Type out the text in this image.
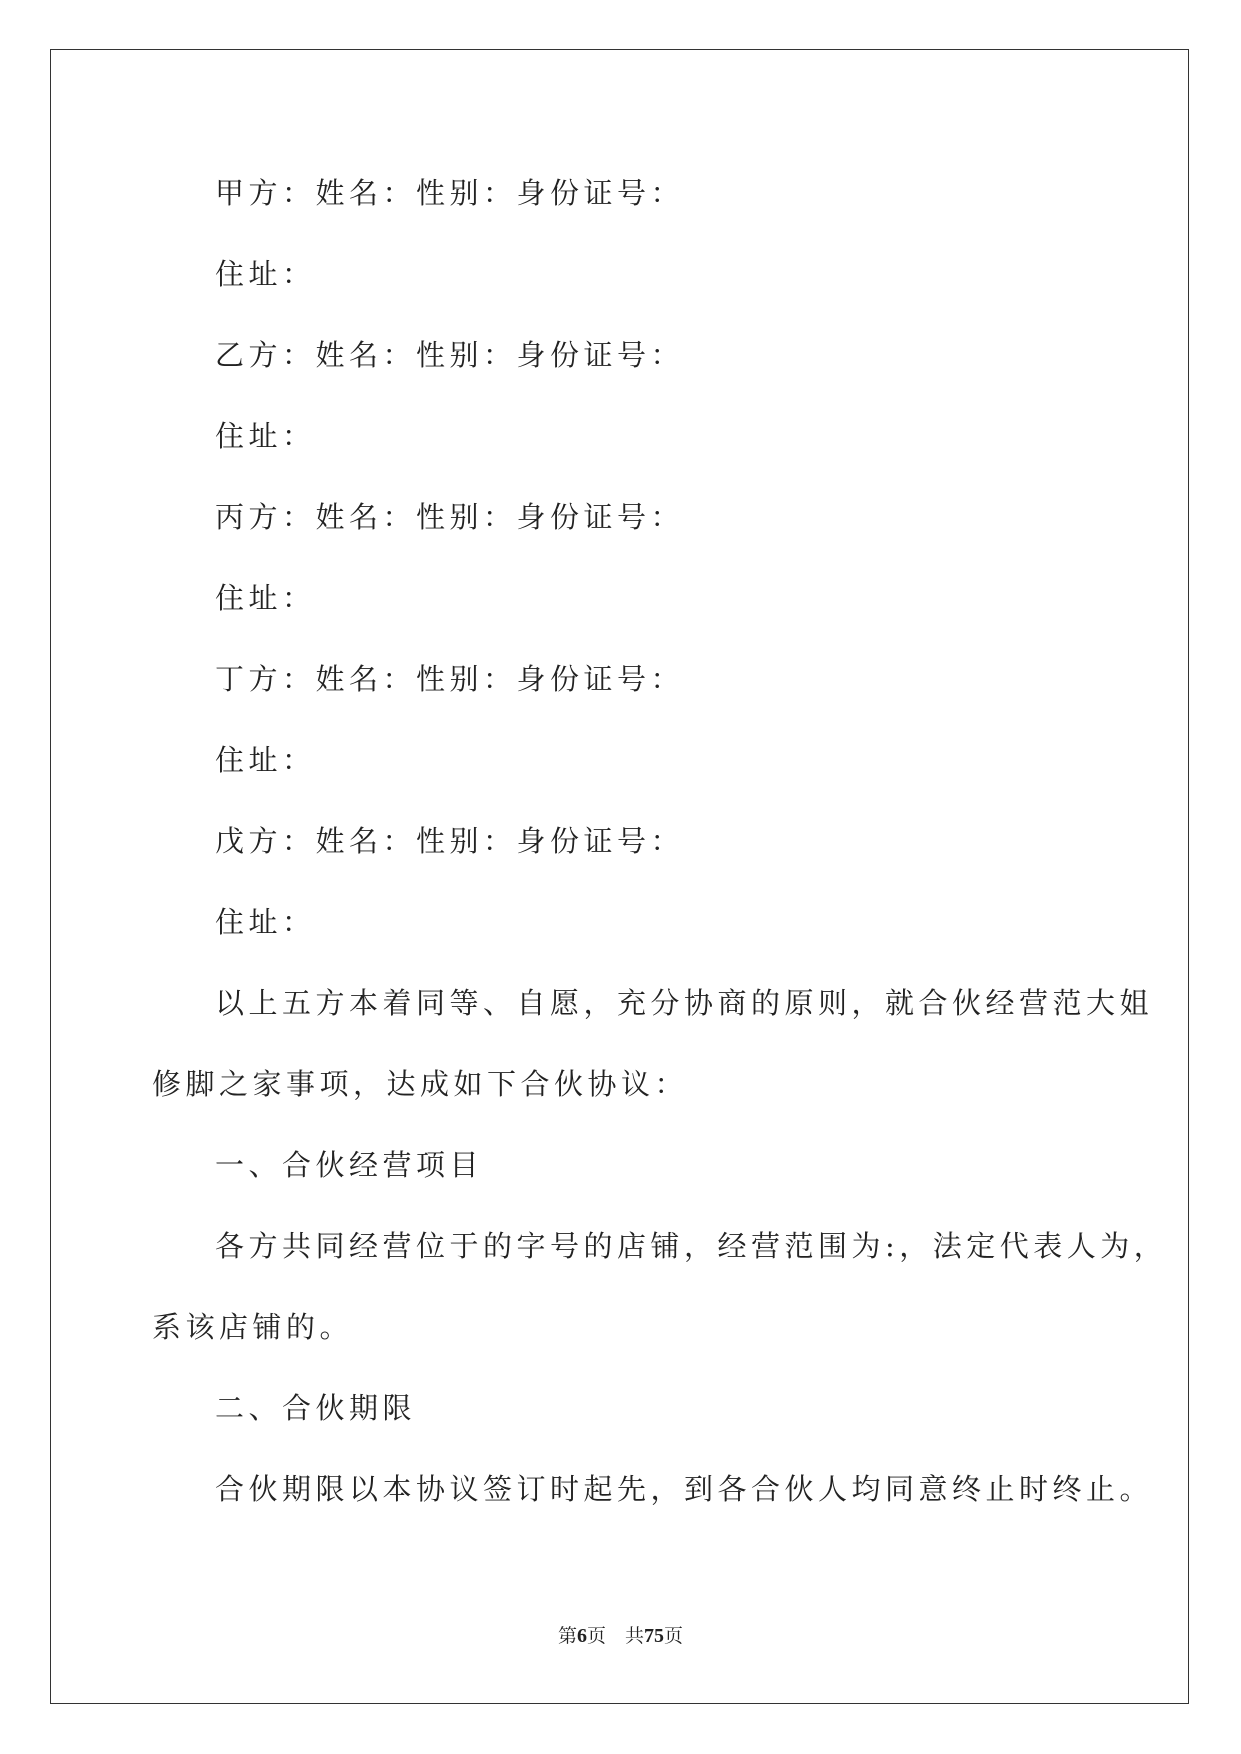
甲方：姓名：性别：身份证号：
住址：
乙方：姓名：性别：身份证号：
住址：
丙方：姓名：性别：身份证号：
住址：
丁方：姓名：性别：身份证号：
住址：
戊方：姓名：性别：身份证号：
住址：
以上五方本着同等、自愿，充分协商的原则，就合伙经营范大姐
修脚之家事项，达成如下合伙协议：
一、合伙经营项目
各方共同经营位于的字号的店铺，经营范围为:，法定代表人为，
系该店铺的。
二、合伙期限
合伙期限以本协议签订时起先，到各合伙人均同意终止时终止。
第6页　共75页
